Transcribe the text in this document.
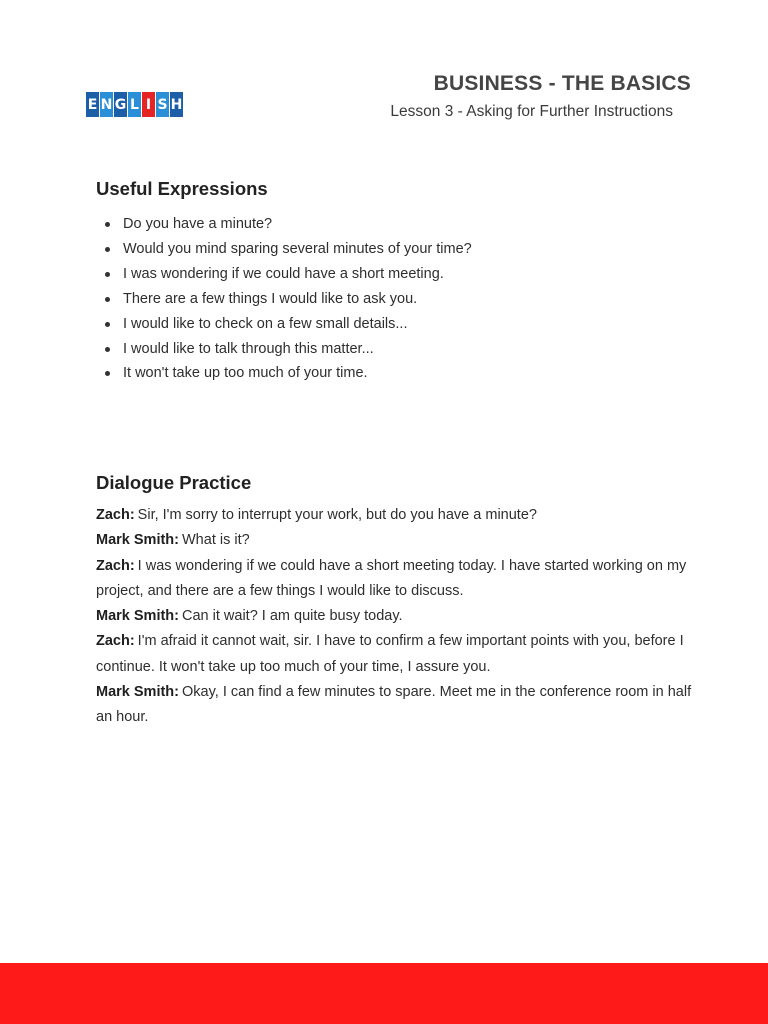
E N G L I S H
BUSINESS - THE BASICS

Lesson 3 - Asking for Further Instructions

Useful Expressions
Do you have a minute?
Would you mind sparing several minutes of your time?
I was wondering if we could have a short meeting.
There are a few things I would like to ask you.
I would like to check on a few small details...
I would like to talk through this matter...
It won't take up too much of your time.
Dialogue Practice

Zach: Sir, I'm sorry to interrupt your work, but do you have a minute?

Mark Smith: What is it?

Zach: I was wondering if we could have a short meeting today. I have started working on my project, and there are a few things I would like to discuss.

Mark Smith: Can it wait? I am quite busy today.

Zach: I'm afraid it cannot wait, sir. I have to confirm a few important points with you, before I continue. It won't take up too much of your time, I assure you.

Mark Smith: Okay, I can find a few minutes to spare. Meet me in the conference room in half an hour.
